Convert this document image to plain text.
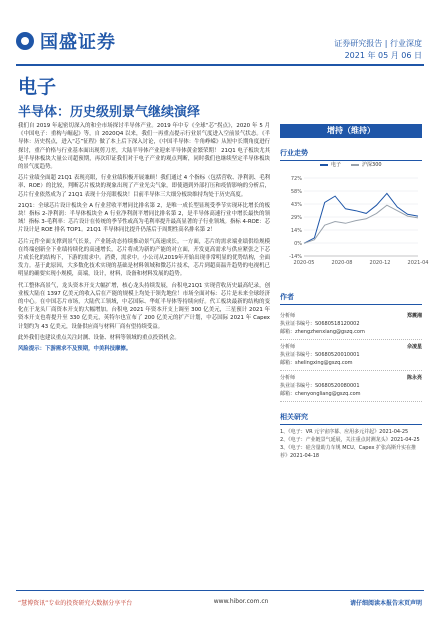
国盛证券	证券研究报告 | 行业深度
2021 年 05 月 06 日
电子
半导体：历史级别景气继续演绎

我们自 2019 年起密切深入的和全市场探讨半导体产业。2019 年中专《全球“芯”拐点》，2020 年 5 月《中国电子：重构与崛起》等，自 2020Q4 以来，我们一再重点提示行业景气度进入空前景气状态。《半导体：历史拐点，进入“芯”征程》做了本上后下深入讨论，《中国半导体：牛角峥嵘》从短中长期角度进行探讨，重产价格与行业基本面出现剪刀差，大陆半导体产业迎来半导体黄金繁荣期！ 21Q1 电子板块尤其是半导体板块大量公司超预期，再次印证我们对于电子产业的观点判断，同时我们也继续坚定半导体板块的景气度趋势。

芯片业绩全面超 21Q1 表现亮眼，行业业绩积极开展兼顾！我们通过 4 个指标（包括营收、净利润、毛利率、ROE）的比较，判断芯片板块的现象出现了产业光尖气象，即使遇到外部打压和疫情影响的分析后，芯片行业依然成为了 21Q1 表现十分亮眼板块！目前半导体三大细分板块维持均处于历史高度。

21Q1：全球芯片设计板块全 A 行业营收平增同比排名第 2，是唯一成长型显现受季节实现环比增长的板块！指标 2-净利润：半导体板块全 A 行业净利润平增同比排名第 2，是半导体高速行业中增长最快的领域！指标 3-毛利率：芯片设计在传统的季节性或高为毛利率提升最高显著的子行业领域。指标 4-ROE：芯片设计是 ROE 排名 TOP1。21Q1 半导体同比提升仍落后于周期性高名排名第 2！

芯片元件全面支撑到景气长景，产业链动态持续推动景气高速成长。一方面，芯片的需求端业绩供给规模在终端创新全下业绩持续化的高速增长，芯片将成为新的产能的对立面，开发更高需求与供应紧张之下芯片成长化的结构下，下游的需求中。消费，需求中。小公司从2019年开始出现非常明显的优势结构，全面发力。基于此原因，大多数化技术实现的基础是材料领域和微芯片技术，芯片到超高温升趋势的电视机已明显的确要实现小规模，高端，设计，材料，设备和材料发展的趋势。

代工整体高景气，龙头资本开支大幅扩增，核心龙头持续发展，台积电21Q1 实现营收历史最高纪录，创业板大陆在 1397 亿美元的收入后在产能的规模上均处于领先地位！市场全面对标：芯片是未来全球经济的中心。在中国芯片市场，大陆代工领域，中芯国际、华虹半导体等持续向好。代工板块最新的结构的变化在于龙头厂商资本开支的大幅增加。台积电 2021 年资本开支上调至 300 亿美元，三星预计 2021 年资本开支也将提升至 330 亿美元，英特尔也宣布了 200 亿美元的扩产计划，中芯国际 2021 年 Capex 计划约为 43 亿美元，设备供应商与材料厂商有望持续受益。

此外我们也建议重点关注封测、设备、材料等领域的重点投资机会。

风险提示：下游需求不及预期，中美科技摩擦。

增持（维持）
行业走势
电子	沪深300
72%
58%
43%
29%
14%
0%
-14%
2020-05	2020-08	2020-12	2021-04
作者
分析师	郑震湘
执业证书编号：S0680518120002
邮箱：zhengzhenxiang@gszq.com
分析师	佘凌星
执业证书编号：S0680520010001
邮箱：shelingxing@gszq.com
分析师	陈永亮
执业证书编号：S0680520080001
邮箱：chenyongliang@gszq.com
相关研究
1、《电子：VR 元宇宙序幕、应用多元并起》2021-04-25
2、《电子：产业链景气延展，关注重点封测龙头》2021-04-25
3、《电子：硅含量助力车规 MCU、Capex 扩张高斯升实在推荐》2021-04-18
“慧博资讯”专业的投资研究大数据分享平台	www.hibor.com.cn	请仔细阅读本报告末页声明
